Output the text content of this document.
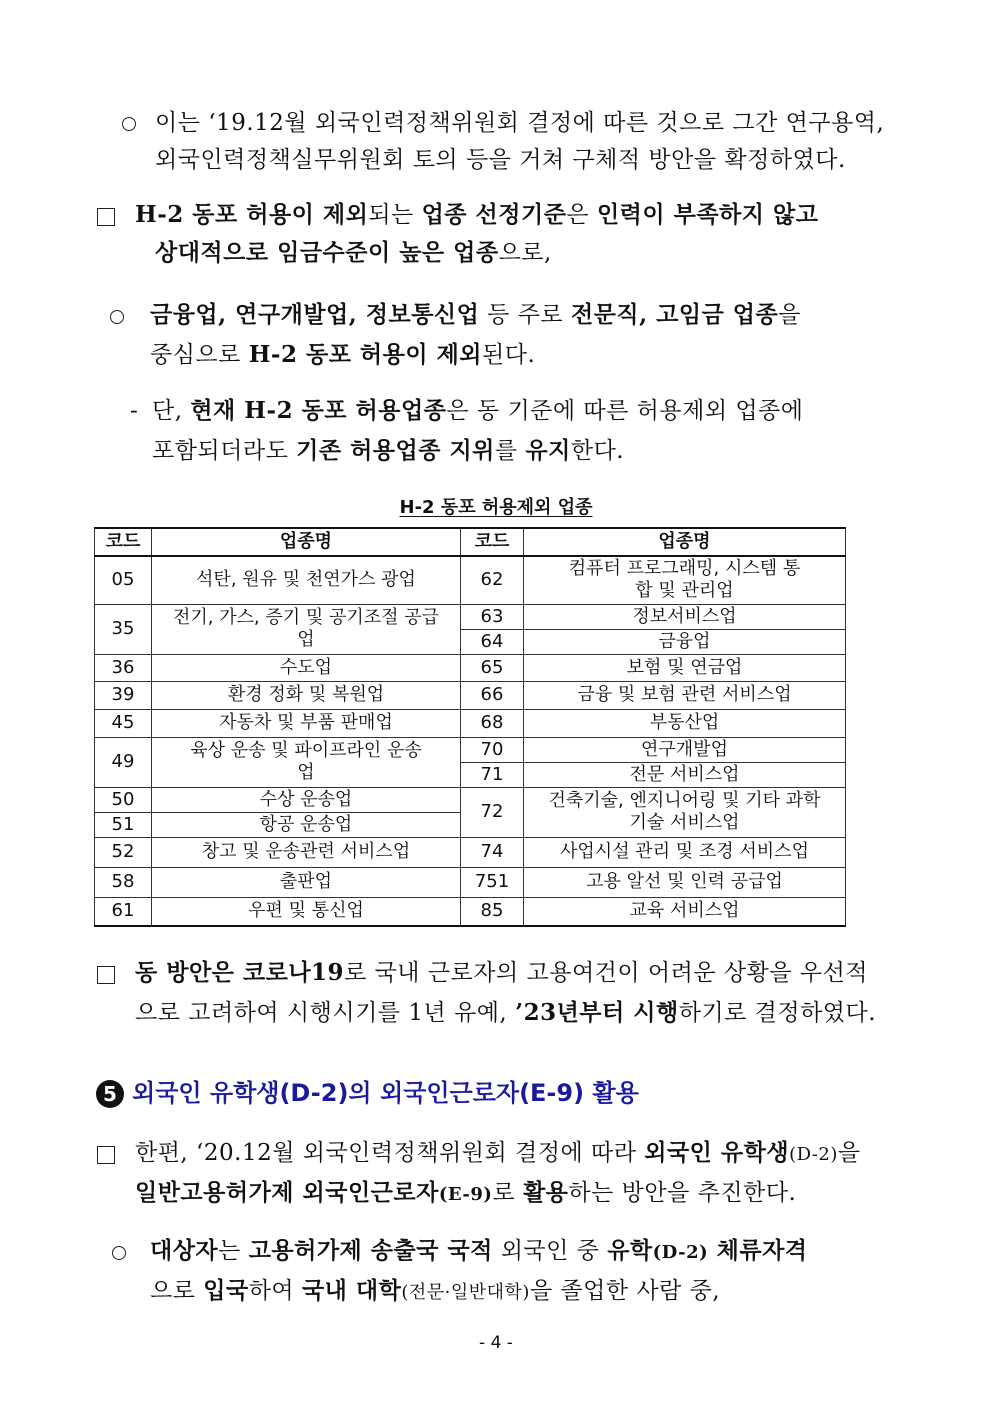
이는 ‘19.12월 외국인력정책위원회 결정에 따른 것으로 그간 연구용역,
외국인력정책실무위원회 토의 등을 거쳐 구체적 방안을 확정하였다.
H-2 동포 허용이 제외되는 업종 선정기준은 인력이 부족하지 않고
상대적으로 임금수준이 높은 업종으로,
금융업, 연구개발업, 정보통신업 등 주로 전문직, 고임금 업종을
중심으로 H-2 동포 허용이 제외된다.
- 단, 현재 H-2 동포 허용업종은 동 기준에 따른 허용제외 업종에
포함되더라도 기존 허용업종 지위를 유지한다.
H-2 동포 허용제외 업종
코드	업종명	코드	업종명
05	석탄, 원유 및 천연가스 광업	62	컴퓨터 프로그래밍, 시스템 통합 및 관리업
35	전기, 가스, 증기 및 공기조절 공급업	63	정보서비스업
		64	금융업
36	수도업	65	보험 및 연금업
39	환경 정화 및 복원업	66	금융 및 보험 관련 서비스업
45	자동차 및 부품 판매업	68	부동산업
49	육상 운송 및 파이프라인 운송업	70	연구개발업
		71	전문 서비스업
50	수상 운송업	72	건축기술, 엔지니어링 및 기타 과학기술 서비스업
51	항공 운송업		
52	창고 및 운송관련 서비스업	74	사업시설 관리 및 조경 서비스업
58	출판업	751	고용 알선 및 인력 공급업
61	우편 및 통신업	85	교육 서비스업
동 방안은 코로나19로 국내 근로자의 고용여건이 어려운 상황을 우선적
으로 고려하여 시행시기를 1년 유예, ’23년부터 시행하기로 결정하였다.
5 외국인 유학생(D-2)의 외국인근로자(E-9) 활용
한편, ‘20.12월 외국인력정책위원회 결정에 따라 외국인 유학생(D-2)을
일반고용허가제 외국인근로자(E-9)로 활용하는 방안을 추진한다.
대상자는 고용허가제 송출국 국적 외국인 중 유학(D-2) 체류자격
으로 입국하여 국내 대학(전문·일반대학)을 졸업한 사람 중,
- 4 -
